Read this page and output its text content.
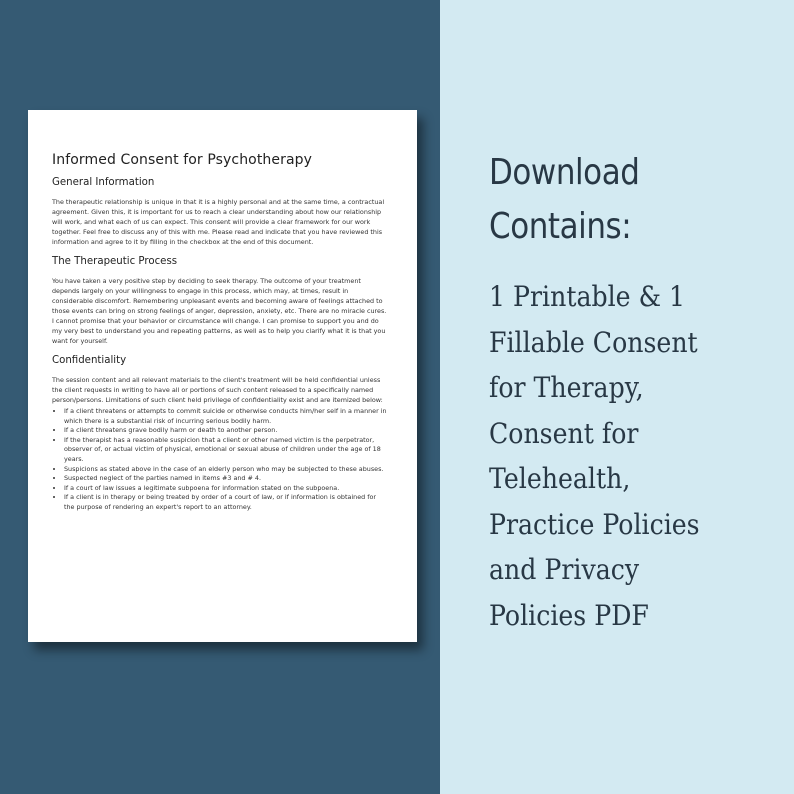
Informed Consent for Psychotherapy
General Information

The therapeutic relationship is unique in that it is a highly personal and at the same time, a contractual agreement. Given this, it is important for us to reach a clear understanding about how our relationship will work, and what each of us can expect. This consent will provide a clear framework for our work together. Feel free to discuss any of this with me. Please read and indicate that you have reviewed this information and agree to it by filling in the checkbox at the end of this document.

The Therapeutic Process

You have taken a very positive step by deciding to seek therapy. The outcome of your treatment depends largely on your willingness to engage in this process, which may, at times, result in considerable discomfort. Remembering unpleasant events and becoming aware of feelings attached to those events can bring on strong feelings of anger, depression, anxiety, etc. There are no miracle cures. I cannot promise that your behavior or circumstance will change. I can promise to support you and do my very best to understand you and repeating patterns, as well as to help you clarify what it is that you want for yourself.

Confidentiality

The session content and all relevant materials to the client's treatment will be held confidential unless the client requests in writing to have all or portions of such content released to a specifically named person/persons. Limitations of such client held privilege of confidentiality exist and are itemized below:

• If a client threatens or attempts to commit suicide or otherwise conducts him/her self in a manner in which there is a substantial risk of incurring serious bodily harm.
• If a client threatens grave bodily harm or death to another person.
• If the therapist has a reasonable suspicion that a client or other named victim is the perpetrator, observer of, or actual victim of physical, emotional or sexual abuse of children under the age of 18 years.
• Suspicions as stated above in the case of an elderly person who may be subjected to these abuses.
• Suspected neglect of the parties named in items #3 and # 4.
• If a court of law issues a legitimate subpoena for information stated on the subpoena.
• If a client is in therapy or being treated by order of a court of law, or if information is obtained for the purpose of rendering an expert's report to an attorney.
Download
Contains:
1 Printable & 1
Fillable Consent
for Therapy,
Consent for
Telehealth,
Practice Policies
and Privacy
Policies PDF
